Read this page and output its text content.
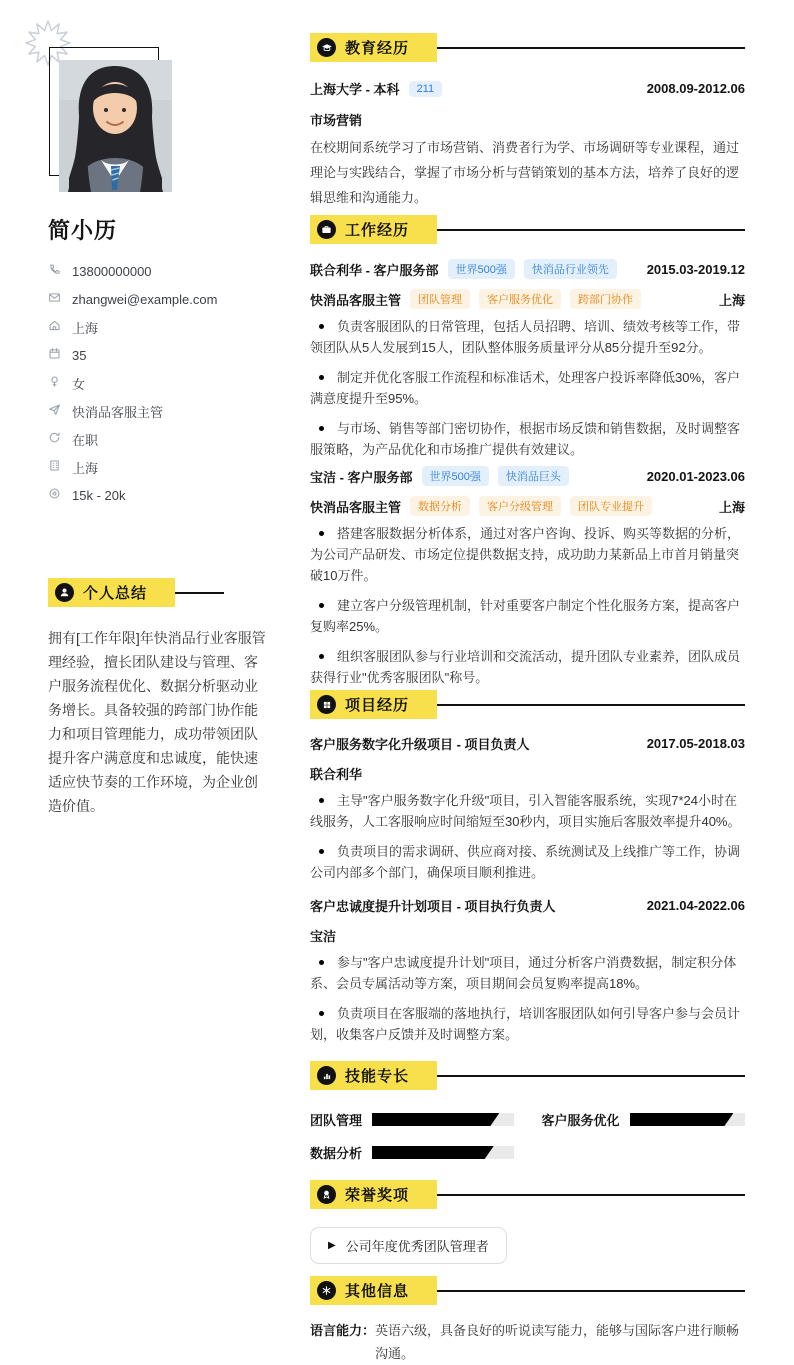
简小历
13800000000
zhangwei@example.com
上海
35
女
快消品客服主管
在职
上海
15k - 20k
个人总结

拥有[工作年限]年快消品行业客服管理经验，擅长团队建设与管理、客户服务流程优化、数据分析驱动业务增长。具备较强的跨部门协作能力和项目管理能力，成功带领团队提升客户满意度和忠诚度，能快速适应快节奏的工作环境，为企业创造价值。

教育经历
上海大学 - 本科	211	2008.09-2012.06
市场营销

在校期间系统学习了市场营销、消费者行为学、市场调研等专业课程，通过理论与实践结合，掌握了市场分析与营销策划的基本方法，培养了良好的逻辑思维和沟通能力。

工作经历
联合利华 - 客户服务部	世界500强	快消品行业领先	2015.03-2019.12
快消品客服主管	团队管理	客户服务优化	跨部门协作	上海

负责客服团队的日常管理，包括人员招聘、培训、绩效考核等工作，带领团队从5人发展到15人，团队整体服务质量评分从85分提升至92分。

制定并优化客服工作流程和标准话术，处理客户投诉率降低30%，客户满意度提升至95%。

与市场、销售等部门密切协作，根据市场反馈和销售数据，及时调整客服策略，为产品优化和市场推广提供有效建议。

宝洁 - 客户服务部	世界500强	快消品巨头	2020.01-2023.06
快消品客服主管	数据分析	客户分级管理	团队专业提升	上海

搭建客服数据分析体系，通过对客户咨询、投诉、购买等数据的分析，为公司产品研发、市场定位提供数据支持，成功助力某新品上市首月销量突破10万件。

建立客户分级管理机制，针对重要客户制定个性化服务方案，提高客户复购率25%。

组织客服团队参与行业培训和交流活动，提升团队专业素养，团队成员获得行业"优秀客服团队"称号。

项目经历
客户服务数字化升级项目 - 项目负责人	2017.05-2018.03
联合利华

主导"客户服务数字化升级"项目，引入智能客服系统，实现7*24小时在线服务，人工客服响应时间缩短至30秒内，项目实施后客服效率提升40%。

负责项目的需求调研、供应商对接、系统测试及上线推广等工作，协调公司内部多个部门，确保项目顺利推进。

客户忠诚度提升计划项目 - 项目执行负责人	2021.04-2022.06
宝洁

参与"客户忠诚度提升计划"项目，通过分析客户消费数据，制定积分体系、会员专属活动等方案，项目期间会员复购率提高18%。

负责项目在客服端的落地执行，培训客服团队如何引导客户参与会员计划，收集客户反馈并及时调整方案。

技能专长
团队管理	客户服务优化
数据分析
荣誉奖项
▶ 公司年度优秀团队管理者
其他信息
语言能力： 英语六级，具备良好的听说读写能力，能够与国际客户进行顺畅沟通。
